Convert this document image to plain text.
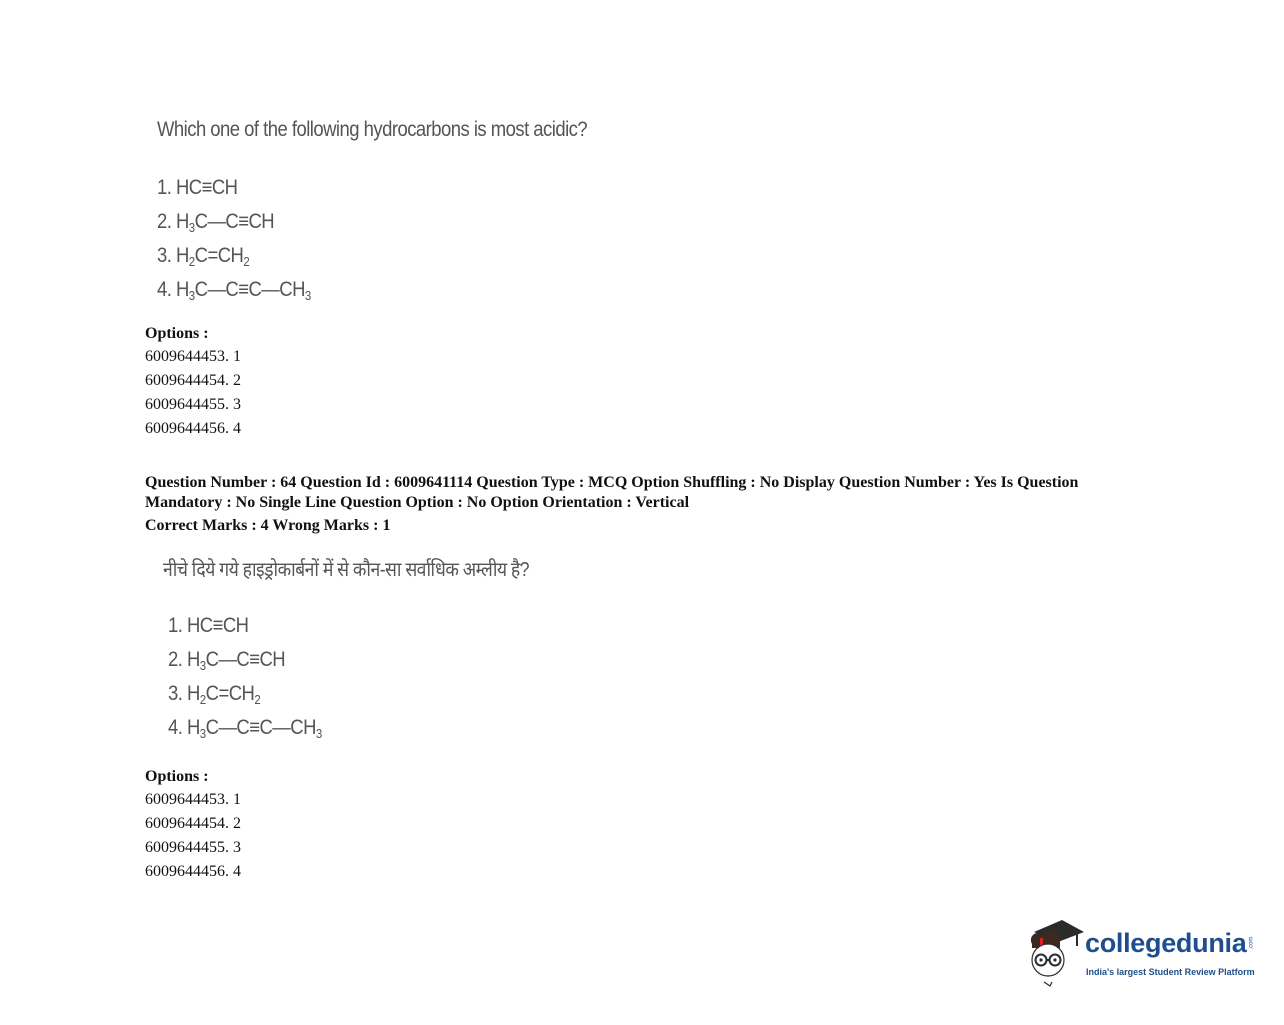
Which one of the following hydrocarbons is most acidic?
1. HC≡CH
2. $H_3C—C\equiv CH$
3. $H_2C=CH_2$
4. $H_3C—C\equiv C—CH_3$
Options :

6009644453. 1

6009644454. 2

6009644455. 3

6009644456. 4

Question Number : 64 Question Id : 6009641114 Question Type : MCQ Option Shuffling : No Display Question Number : Yes Is Question Mandatory : No Single Line Question Option : No Option Orientation : Vertical
Correct Marks : 4 Wrong Marks : 1
नीचे दिये गये हाइड्रोकार्बनों में से कौन-सा सर्वाधिक अम्लीय है?
1. HC≡CH
2. $H_3C—C\equiv CH$
3. $H_2C=CH_2$
4. $H_3C—C\equiv C—CH_3$
Options :

6009644453. 1

6009644454. 2

6009644455. 3

6009644456. 4

collegedunia .com
India's largest Student Review Platform
